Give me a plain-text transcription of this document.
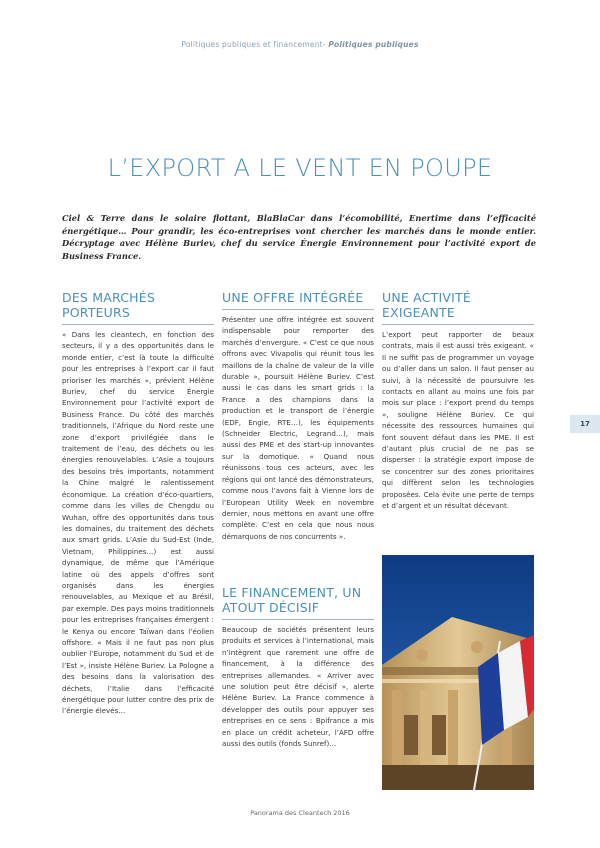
Politiques publiques et financement- Politiques publiques
L’EXPORT A LE VENT EN POUPE

Ciel & Terre dans le solaire flottant, BlaBlaCar dans l’écomobilité, Enertime dans l’efficacité énergétique… Pour grandir, les éco-entreprises vont chercher les marchés dans le monde entier. Décryptage avec Hélène Buriev, chef du service Énergie Environnement pour l’activité export de Business France.

DES MARCHÉS PORTEURS

« Dans les cleantech, en fonction des secteurs, il y a des opportunités dans le monde entier, c’est là toute la difficulté pour les entreprises à l’export car il faut prioriser les marchés », prévient Hélène Buriev, chef du service Énergie Environnement pour l’activité export de Business France. Du côté des marchés traditionnels, l’Afrique du Nord reste une zone d’export privilégiée dans le traitement de l’eau, des déchets ou les énergies renouvelables. L’Asie a toujours des besoins très importants, notamment la Chine malgré le ralentissement économique. La création d’éco-quartiers, comme dans les villes de Chengdu ou Wuhan, offre des opportunités dans tous les domaines, du traitement des déchets aux smart grids. L’Asie du Sud-Est (Inde, Vietnam, Philippines…) est aussi dynamique, de même que l’Amérique latine où des appels d’offres sont organisés dans les énergies renouvelables, au Mexique et au Brésil, par exemple. Des pays moins traditionnels pour les entreprises françaises émergent : le Kenya ou encore Taïwan dans l’éolien offshore. « Mais il ne faut pas non plus oublier l’Europe, notamment du Sud et de l’Est », insiste Hélène Buriev. La Pologne a des besoins dans la valorisation des déchets, l’Italie dans l’efficacité énergétique pour lutter contre des prix de l’énergie élevés…

UNE OFFRE INTÉGRÉE

Présenter une offre intégrée est souvent indispensable pour remporter des marchés d’envergure. « C’est ce que nous offrons avec Vivapolis qui réunit tous les maillons de la chaîne de valeur de la ville durable », poursuit Hélène Buriev. C’est aussi le cas dans les smart grids : la France a des champions dans la production et le transport de l’énergie (EDF, Engie, RTE…), les équipements (Schneider Electric, Legrand…), mais aussi des PME et des start-up innovantes sur la domotique. « Quand nous réunissons tous ces acteurs, avec les régions qui ont lancé des démonstrateurs, comme nous l’avons fait à Vienne lors de l’European Utility Week en novembre dernier, nous mettons en avant une offre complète. C’est en cela que nous nous démarquons de nos concurrents ».

LE FINANCEMENT, UN ATOUT DÉCISIF

Beaucoup de sociétés présentent leurs produits et services à l’international, mais n’intègrent que rarement une offre de financement, à la différence des entreprises allemandes. « Arriver avec une solution peut être décisif », alerte Hélène Buriev. La France commence à développer des outils pour appuyer ses entreprises en ce sens : Bpifrance a mis en place un crédit acheteur, l’AFD offre aussi des outils (fonds Sunref)…

UNE ACTIVITÉ EXIGEANTE

L’export peut rapporter de beaux contrats, mais il est aussi très exigeant. « Il ne suffit pas de programmer un voyage ou d’aller dans un salon. Il faut penser au suivi, à la nécessité de poursuivre les contacts en allant au moins une fois par mois sur place : l’export prend du temps », souligne Hélène Buriev. Ce qui nécessite des ressources humaines qui font souvent défaut dans les PME. Il est d’autant plus crucial de ne pas se disperser : la stratégie export impose de se concentrer sur des zones prioritaires qui diffèrent selon les technologies proposées. Cela évite une perte de temps et d’argent et un résultat décevant.

17
Panorama des Cleantech 2016
